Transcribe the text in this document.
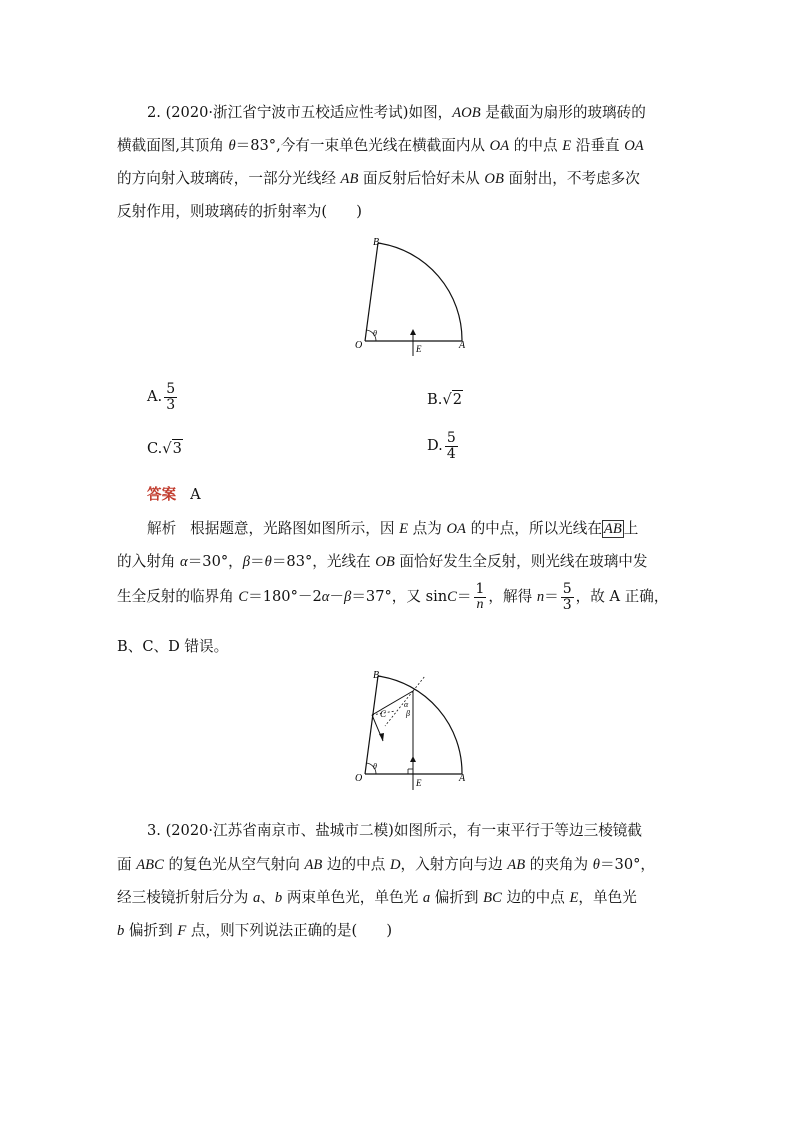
2. (2020·浙江省宁波市五校适应性考试)如图，AOB 是截面为扇形的玻璃砖的
横截面图,其顶角 θ＝83°,今有一束单色光线在横截面内从 OA 的中点 E 沿垂直 OA
的方向射入玻璃砖，一部分光线经 AB 面反射后恰好未从 OB 面射出，不考虑多次
反射作用，则玻璃砖的折射率为(　　)
B
O	A
E
θ
A. $\frac{5}{3}$	B.√2
C.√3	D. $\frac{5}{4}$
答案 A
解析 根据题意，光路图如图所示，因 E 点为 OA 的中点，所以光线在 AB 上
的入射角 α＝30°，β＝θ＝83°，光线在 OB 面恰好发生全反射，则光线在玻璃中发
生全反射的临界角 C＝180°－2α－β＝37°，又 $\sin C= \frac{1}{n}$ ，解得 $n= \frac{5}{3}$ ，故 A 正确，
B、C、D 错误。
B
O	A
E
C
α
β
θ
3. (2020·江苏省南京市、盐城市二模)如图所示，有一束平行于等边三棱镜截
面 ABC 的复色光从空气射向 AB 边的中点 D，入射方向与边 AB 的夹角为 θ＝30°，
经三棱镜折射后分为 a、b 两束单色光，单色光 a 偏折到 BC 边的中点 E，单色光
b 偏折到 F 点，则下列说法正确的是(　　)
